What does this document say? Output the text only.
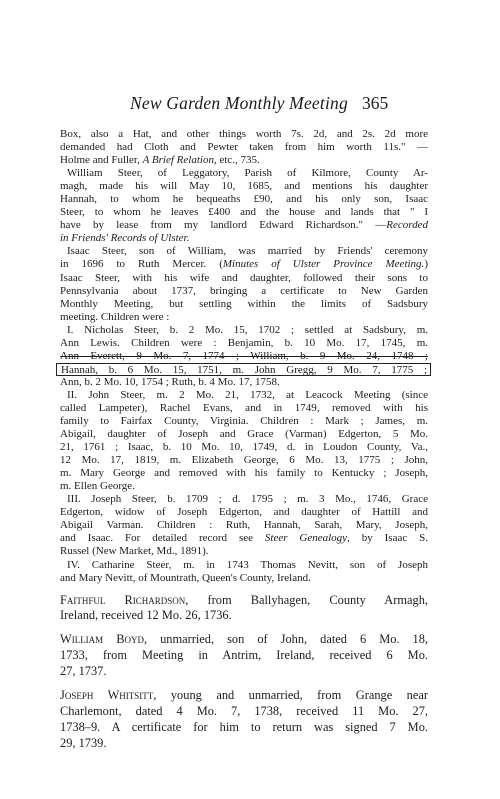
New Garden Monthly Meeting 365
Box, also a Hat, and other things worth 7s. 2d, and 2s. 2d more
demanded had Cloth and Pewter taken from him worth 11s." —
Holme and Fuller, A Brief Relation, etc., 735.
William Steer, of Leggatory, Parish of Kilmore, County Ar-
magh, made his will May 10, 1685, and mentions his daughter
Hannah, to whom he bequeaths £90, and his only son, Isaac
Steer, to whom he leaves £400 and the house and lands that " I
have by lease from my landlord Edward Richardson." —Recorded
in Friends' Records of Ulster.
Isaac Steer, son of William, was married by Friends' ceremony
in 1696 to Ruth Mercer. (Minutes of Ulster Province Meeting.)
Isaac Steer, with his wife and daughter, followed their sons to
Pennsylvania about 1737, bringing a certificate to New Garden
Monthly Meeting, but settling within the limits of Sadsbury
meeting. Children were :
I. Nicholas Steer, b. 2 Mo. 15, 1702 ; settled at Sadsbury, m.
Ann Lewis. Children were : Benjamin, b. 10 Mo. 17, 1745, m.
Ann Everett, 9 Mo. 7, 1774 ; William, b. 9 Mo. 24, 1748 ;
Hannah, b. 6 Mo. 15, 1751, m. John Gregg, 9 Mo. 7, 1775 ;
Ann, b. 2 Mo. 10, 1754 ; Ruth, b. 4 Mo. 17, 1758.
II. John Steer, m. 2 Mo. 21, 1732, at Leacock Meeting (since
called Lampeter), Rachel Evans, and in 1749, removed with his
family to Fairfax County, Virginia. Children : Mark ; James, m.
Abigail, daughter of Joseph and Grace (Varman) Edgerton, 5 Mo.
21, 1761 ; Isaac, b. 10 Mo. 10, 1749, d. in Loudon County, Va.,
12 Mo. 17, 1819, m. Elizabeth George, 6 Mo. 13, 1775 ; John,
m. Mary George and removed with his family to Kentucky ; Joseph,
m. Ellen George.
III. Joseph Steer, b. 1709 ; d. 1795 ; m. 3 Mo., 1746, Grace
Edgerton, widow of Joseph Edgerton, and daughter of Hattill and
Abigail Varman. Children : Ruth, Hannah, Sarah, Mary, Joseph,
and Isaac. For detailed record see Steer Genealogy, by Isaac S.
Russel (New Market, Md., 1891).
IV. Catharine Steer, m. in 1743 Thomas Nevitt, son of Joseph
and Mary Nevitt, of Mountrath, Queen's County, Ireland.
Faithful Richardson, from Ballyhagen, County Armagh,
Ireland, received 12 Mo. 26, 1736.
William Boyd, unmarried, son of John, dated 6 Mo. 18,
1733, from Meeting in Antrim, Ireland, received 6 Mo.
27, 1737.
Joseph Whitsitt, young and unmarried, from Grange near
Charlemont, dated 4 Mo. 7, 1738, received 11 Mo. 27,
1738–9. A certificate for him to return was signed 7 Mo.
29, 1739.
